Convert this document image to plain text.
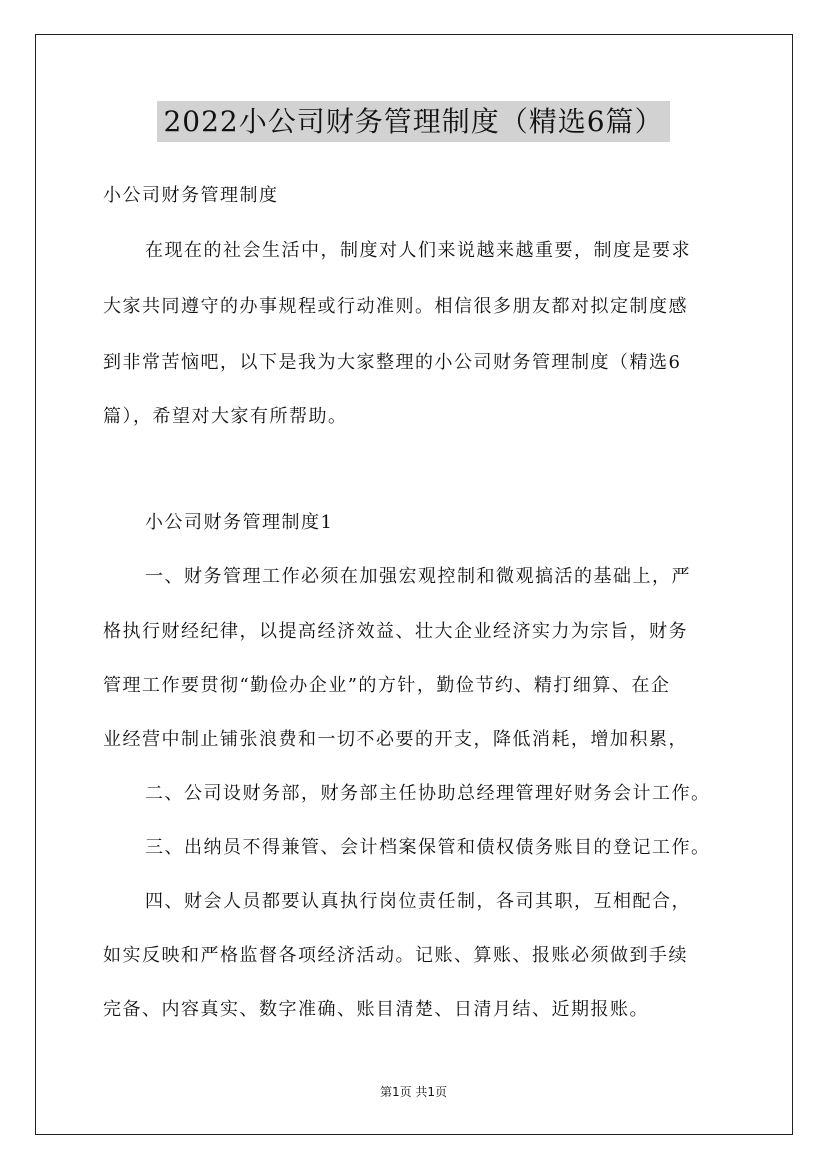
2022小公司财务管理制度（精选6篇）
小公司财务管理制度
在现在的社会生活中，制度对人们来说越来越重要，制度是要求
大家共同遵守的办事规程或行动准则。相信很多朋友都对拟定制度感
到非常苦恼吧，以下是我为大家整理的小公司财务管理制度（精选6
篇），希望对大家有所帮助。
小公司财务管理制度1
一、财务管理工作必须在加强宏观控制和微观搞活的基础上，严
格执行财经纪律，以提高经济效益、壮大企业经济实力为宗旨，财务
管理工作要贯彻“勤俭办企业”的方针，勤俭节约、精打细算、在企
业经营中制止铺张浪费和一切不必要的开支，降低消耗，增加积累，
二、公司设财务部，财务部主任协助总经理管理好财务会计工作。
三、出纳员不得兼管、会计档案保管和债权债务账目的登记工作。
四、财会人员都要认真执行岗位责任制，各司其职，互相配合，
如实反映和严格监督各项经济活动。记账、算账、报账必须做到手续
完备、内容真实、数字准确、账目清楚、日清月结、近期报账。
第1页 共1页
